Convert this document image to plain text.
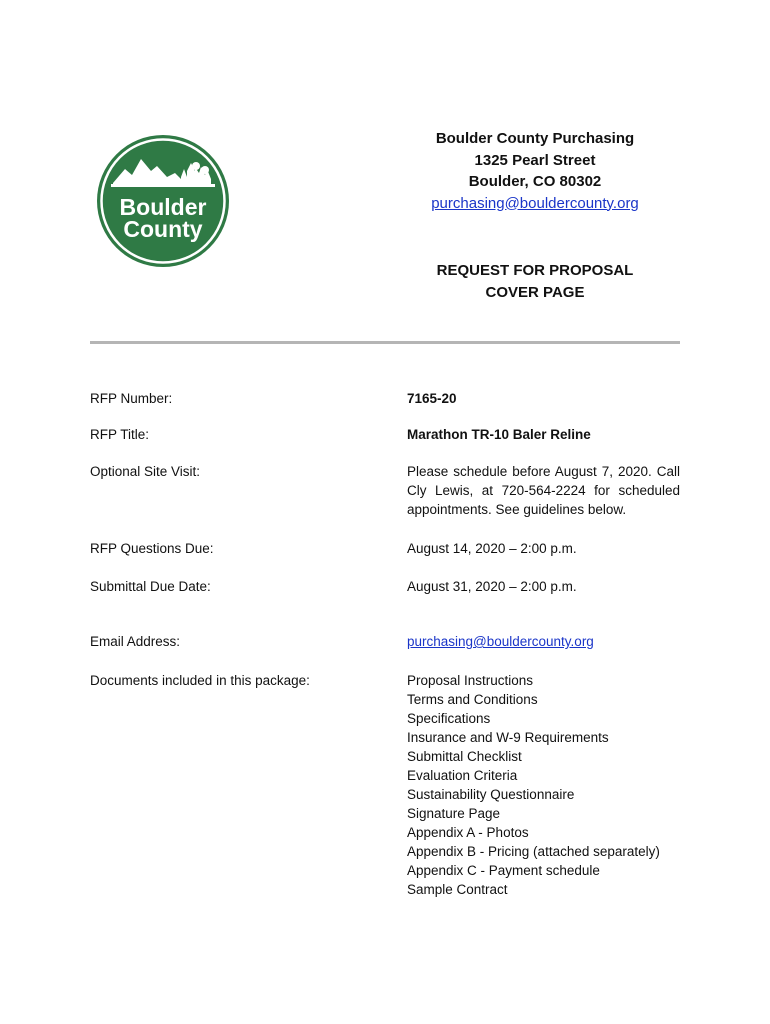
Boulder
County
Boulder County Purchasing
1325 Pearl Street
Boulder, CO 80302
purchasing@bouldercounty.org
REQUEST FOR PROPOSAL
COVER PAGE
RFP Number:	7165-20
RFP Title:	Marathon TR-10 Baler Reline
Optional Site Visit:	Please schedule before August 7, 2020. Call Cly Lewis, at 720-564-2224 for scheduled appointments. See guidelines below.
RFP Questions Due:	August 14, 2020 – 2:00 p.m.
Submittal Due Date:	August 31, 2020 – 2:00 p.m.
Email Address:	purchasing@bouldercounty.org
Documents included in this package:	Proposal Instructions
Terms and Conditions
Specifications
Insurance and W-9 Requirements
Submittal Checklist
Evaluation Criteria
Sustainability Questionnaire
Signature Page
Appendix A - Photos
Appendix B - Pricing (attached separately)
Appendix C - Payment schedule
Sample Contract
